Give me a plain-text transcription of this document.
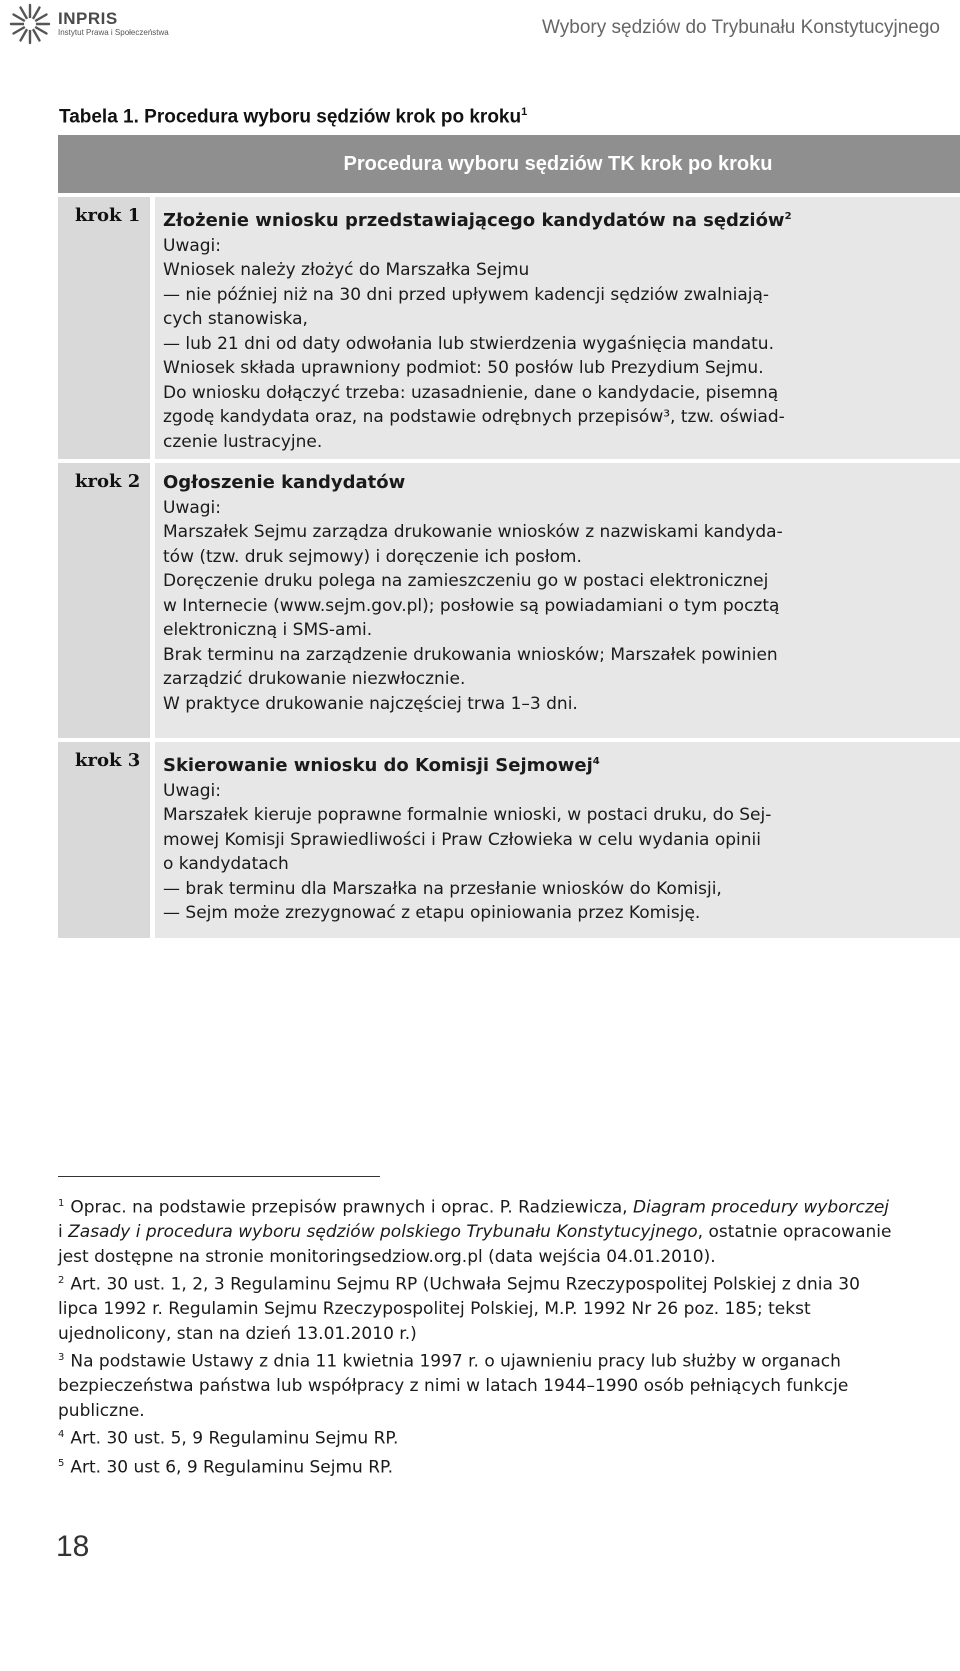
INPRIS
Instytut Prawa i Społeczeństwa	Wybory sędziów do Trybunału Konstytucyjnego
Tabela 1. Procedura wyboru sędziów krok po kroku$^1$
Procedura wyboru sędziów TK krok po kroku
krok 1	Złożenie wniosku przedstawiającego kandydatów na sędziów$^2$
Uwagi:
Wniosek należy złożyć do Marszałka Sejmu
— nie później niż na 30 dni przed upływem kadencji sędziów zwalniają-
cych stanowiska,
— lub 21 dni od daty odwołania lub stwierdzenia wygaśnięcia mandatu.
Wniosek składa uprawniony podmiot: 50 posłów lub Prezydium Sejmu.
Do wniosku dołączyć trzeba: uzasadnienie, dane o kandydacie, pisemną
zgodę kandydata oraz, na podstawie odrębnych przepisów³, tzw. oświad-
czenie lustracyjne.
krok 2	Ogłoszenie kandydatów
Uwagi:
Marszałek Sejmu zarządza drukowanie wniosków z nazwiskami kandyda-
tów (tzw. druk sejmowy) i doręczenie ich posłom.
Doręczenie druku polega na zamieszczeniu go w postaci elektronicznej
w Internecie (www.sejm.gov.pl); posłowie są powiadamiani o tym pocztą
elektroniczną i SMS-ami.
Brak terminu na zarządzenie drukowania wniosków; Marszałek powinien
zarządzić drukowanie niezwłocznie.
W praktyce drukowanie najczęściej trwa 1–3 dni.
krok 3	Skierowanie wniosku do Komisji Sejmowej$^4$
Uwagi:
Marszałek kieruje poprawne formalnie wnioski, w postaci druku, do Sej-
mowej Komisji Sprawiedliwości i Praw Człowieka w celu wydania opinii
o kandydatach
— brak terminu dla Marszałka na przesłanie wniosków do Komisji,
— Sejm może zrezygnować z etapu opiniowania przez Komisję.

$^1$ Oprac. na podstawie przepisów prawnych i oprac. P. Radziewicza, Diagram procedury wyborczej i Zasady i procedura wyboru sędziów polskiego Trybunału Konstytucyjnego, ostatnie opracowanie jest dostępne na stronie monitoringsedziow.org.pl (data wejścia 04.01.2010).

$^2$ Art. 30 ust. 1, 2, 3 Regulaminu Sejmu RP (Uchwała Sejmu Rzeczypospolitej Polskiej z dnia 30 lipca 1992 r. Regulamin Sejmu Rzeczypospolitej Polskiej, M.P. 1992 Nr 26 poz. 185; tekst ujednolicony, stan na dzień 13.01.2010 r.)

$^3$ Na podstawie Ustawy z dnia 11 kwietnia 1997 r. o ujawnieniu pracy lub służby w organach bezpieczeństwa państwa lub współpracy z nimi w latach 1944–1990 osób pełniących funkcje publiczne.

$^4$ Art. 30 ust. 5, 9 Regulaminu Sejmu RP.

$^5$ Art. 30 ust 6, 9 Regulaminu Sejmu RP.

18
